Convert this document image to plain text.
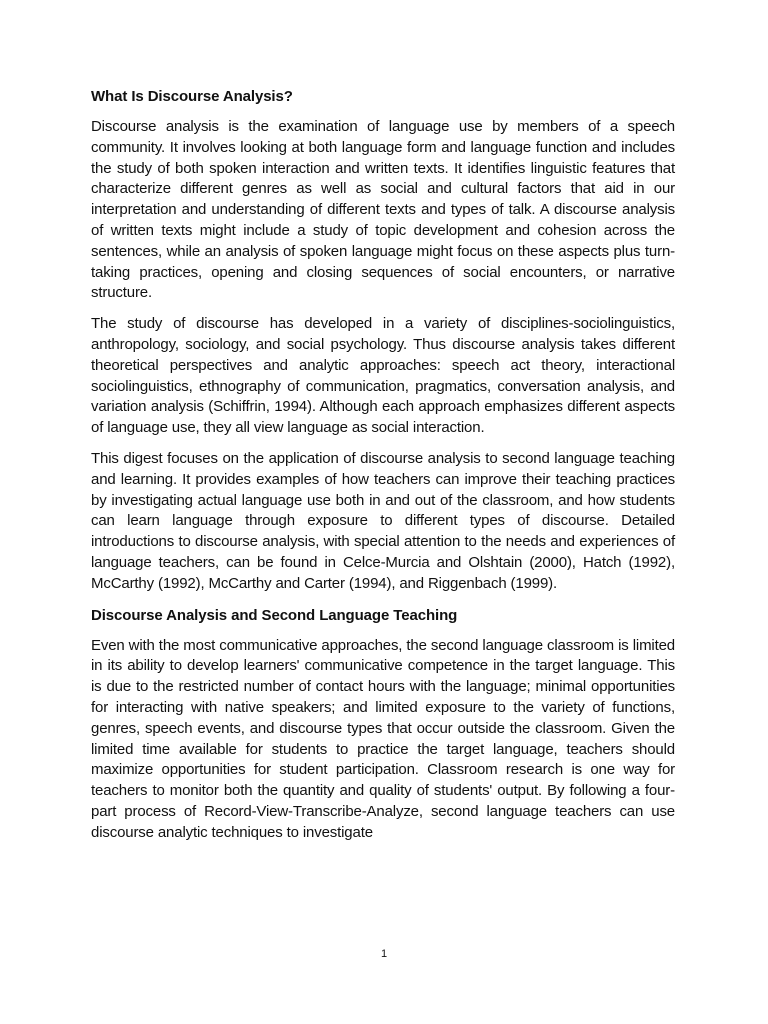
What Is Discourse Analysis?

Discourse analysis is the examination of language use by members of a speech community. It involves looking at both language form and language function and includes the study of both spoken interaction and written texts. It identifies linguistic features that characterize different genres as well as social and cultural factors that aid in our interpretation and understanding of different texts and types of talk. A discourse analysis of written texts might include a study of topic development and cohesion across the sentences, while an analysis of spoken language might focus on these aspects plus turn-taking practices, opening and closing sequences of social encounters, or narrative structure.

The study of discourse has developed in a variety of disciplines-sociolinguistics, anthropology, sociology, and social psychology. Thus discourse analysis takes different theoretical perspectives and analytic approaches: speech act theory, interactional sociolinguistics, ethnography of communication, pragmatics, conversation analysis, and variation analysis (Schiffrin, 1994). Although each approach emphasizes different aspects of language use, they all view language as social interaction.

This digest focuses on the application of discourse analysis to second language teaching and learning. It provides examples of how teachers can improve their teaching practices by investigating actual language use both in and out of the classroom, and how students can learn language through exposure to different types of discourse. Detailed introductions to discourse analysis, with special attention to the needs and experiences of language teachers, can be found in Celce-Murcia and Olshtain (2000), Hatch (1992), McCarthy (1992), McCarthy and Carter (1994), and Riggenbach (1999).

Discourse Analysis and Second Language Teaching

Even with the most communicative approaches, the second language classroom is limited in its ability to develop learners' communicative competence in the target language. This is due to the restricted number of contact hours with the language; minimal opportunities for interacting with native speakers; and limited exposure to the variety of functions, genres, speech events, and discourse types that occur outside the classroom. Given the limited time available for students to practice the target language, teachers should maximize opportunities for student participation. Classroom research is one way for teachers to monitor both the quantity and quality of students' output. By following a four-part process of Record-View-Transcribe-Analyze, second language teachers can use discourse analytic techniques to investigate

1
